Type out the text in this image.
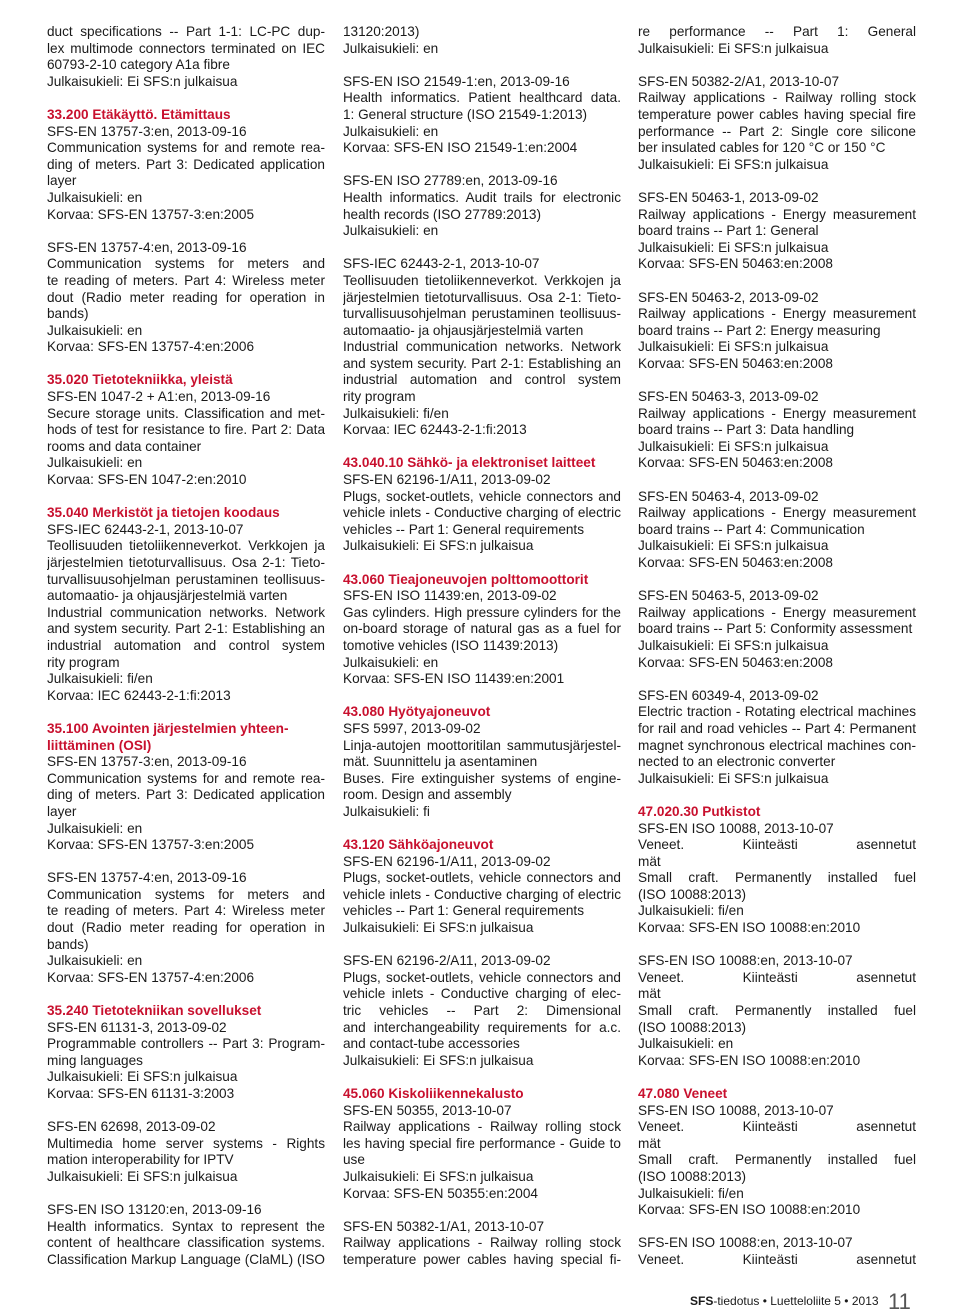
duct specifications -- Part 1-1: LC-PC dup-
lex multimode connectors terminated on IEC
60793-2-10 category A1a fibre
Julkaisukieli: Ei SFS:n julkaisua
33.200 Etäkäyttö. Etämittaus
SFS-EN 13757-3:en, 2013-09-16
Communication systems for and remote rea-
ding of meters. Part 3: Dedicated application
layer
Julkaisukieli: en
Korvaa: SFS-EN 13757-3:en:2005
SFS-EN 13757-4:en, 2013-09-16
Communication systems for meters and
te reading of meters. Part 4: Wireless meter
dout (Radio meter reading for operation in
bands)
Julkaisukieli: en
Korvaa: SFS-EN 13757-4:en:2006
35.020 Tietotekniikka, yleistä
SFS-EN 1047-2 + A1:en, 2013-09-16
Secure storage units. Classification and met-
hods of test for resistance to fire. Part 2: Data
rooms and data container
Julkaisukieli: en
Korvaa: SFS-EN 1047-2:en:2010
35.040 Merkistöt ja tietojen koodaus
SFS-IEC 62443-2-1, 2013-10-07
Teollisuuden tietoliikenneverkot. Verkkojen ja
järjestelmien tietoturvallisuus. Osa 2-1: Tieto-
turvallisuusohjelman perustaminen teollisuus-
automaatio- ja ohjausjärjestelmiä varten
Industrial communication networks. Network
and system security. Part 2-1: Establishing an
industrial automation and control system
rity program
Julkaisukieli: fi/en
Korvaa: IEC 62443-2-1:fi:2013
35.100 Avointen järjestelmien yhteen-
liittäminen (OSI)
SFS-EN 13757-3:en, 2013-09-16
Communication systems for and remote rea-
ding of meters. Part 3: Dedicated application
layer
Julkaisukieli: en
Korvaa: SFS-EN 13757-3:en:2005
SFS-EN 13757-4:en, 2013-09-16
Communication systems for meters and
te reading of meters. Part 4: Wireless meter
dout (Radio meter reading for operation in
bands)
Julkaisukieli: en
Korvaa: SFS-EN 13757-4:en:2006
35.240 Tietotekniikan sovellukset
SFS-EN 61131-3, 2013-09-02
Programmable controllers -- Part 3: Program-
ming languages
Julkaisukieli: Ei SFS:n julkaisua
Korvaa: SFS-EN 61131-3:2003
SFS-EN 62698, 2013-09-02
Multimedia home server systems - Rights
mation interoperability for IPTV
Julkaisukieli: Ei SFS:n julkaisua
SFS-EN ISO 13120:en, 2013-09-16
Health informatics. Syntax to represent the
content of healthcare classification systems.
Classification Markup Language (ClaML) (ISO
13120:2013)
Julkaisukieli: en
SFS-EN ISO 21549-1:en, 2013-09-16
Health informatics. Patient healthcard data.
1: General structure (ISO 21549-1:2013)
Julkaisukieli: en
Korvaa: SFS-EN ISO 21549-1:en:2004
SFS-EN ISO 27789:en, 2013-09-16
Health informatics. Audit trails for electronic
health records (ISO 27789:2013)
Julkaisukieli: en
SFS-IEC 62443-2-1, 2013-10-07
Teollisuuden tietoliikenneverkot. Verkkojen ja
järjestelmien tietoturvallisuus. Osa 2-1: Tieto-
turvallisuusohjelman perustaminen teollisuus-
automaatio- ja ohjausjärjestelmiä varten
Industrial communication networks. Network
and system security. Part 2-1: Establishing an
industrial automation and control system
rity program
Julkaisukieli: fi/en
Korvaa: IEC 62443-2-1:fi:2013
43.040.10 Sähkö- ja elektroniset laitteet
SFS-EN 62196-1/A11, 2013-09-02
Plugs, socket-outlets, vehicle connectors and
vehicle inlets - Conductive charging of electric
vehicles -- Part 1: General requirements
Julkaisukieli: Ei SFS:n julkaisua
43.060 Tieajoneuvojen polttomoottorit
SFS-EN ISO 11439:en, 2013-09-02
Gas cylinders. High pressure cylinders for the
on-board storage of natural gas as a fuel for
tomotive vehicles (ISO 11439:2013)
Julkaisukieli: en
Korvaa: SFS-EN ISO 11439:en:2001
43.080 Hyötyajoneuvot
SFS 5997, 2013-09-02
Linja-autojen moottoritilan sammutusjärjestel-
mät. Suunnittelu ja asentaminen
Buses. Fire extinguisher systems of engine-
room. Design and assembly
Julkaisukieli: fi
43.120 Sähköajoneuvot
SFS-EN 62196-1/A11, 2013-09-02
Plugs, socket-outlets, vehicle connectors and
vehicle inlets - Conductive charging of electric
vehicles -- Part 1: General requirements
Julkaisukieli: Ei SFS:n julkaisua
SFS-EN 62196-2/A11, 2013-09-02
Plugs, socket-outlets, vehicle connectors and
vehicle inlets - Conductive charging of elec-
tric vehicles -- Part 2: Dimensional
and interchangeability requirements for a.c.
and contact-tube accessories
Julkaisukieli: Ei SFS:n julkaisua
45.060 Kiskoliikennekalusto
SFS-EN 50355, 2013-10-07
Railway applications - Railway rolling stock
les having special fire performance - Guide to
use
Julkaisukieli: Ei SFS:n julkaisua
Korvaa: SFS-EN 50355:en:2004
SFS-EN 50382-1/A1, 2013-10-07
Railway applications - Railway rolling stock
temperature power cables having special fi-
re performance -- Part 1: General
Julkaisukieli: Ei SFS:n julkaisua
SFS-EN 50382-2/A1, 2013-10-07
Railway applications - Railway rolling stock
temperature power cables having special fire
performance -- Part 2: Single core silicone
ber insulated cables for 120 °C or 150 °C
Julkaisukieli: Ei SFS:n julkaisua
SFS-EN 50463-1, 2013-09-02
Railway applications - Energy measurement
board trains -- Part 1: General
Julkaisukieli: Ei SFS:n julkaisua
Korvaa: SFS-EN 50463:en:2008
SFS-EN 50463-2, 2013-09-02
Railway applications - Energy measurement
board trains -- Part 2: Energy measuring
Julkaisukieli: Ei SFS:n julkaisua
Korvaa: SFS-EN 50463:en:2008
SFS-EN 50463-3, 2013-09-02
Railway applications - Energy measurement
board trains -- Part 3: Data handling
Julkaisukieli: Ei SFS:n julkaisua
Korvaa: SFS-EN 50463:en:2008
SFS-EN 50463-4, 2013-09-02
Railway applications - Energy measurement
board trains -- Part 4: Communication
Julkaisukieli: Ei SFS:n julkaisua
Korvaa: SFS-EN 50463:en:2008
SFS-EN 50463-5, 2013-09-02
Railway applications - Energy measurement
board trains -- Part 5: Conformity assessment
Julkaisukieli: Ei SFS:n julkaisua
Korvaa: SFS-EN 50463:en:2008
SFS-EN 60349-4, 2013-09-02
Electric traction - Rotating electrical machines
for rail and road vehicles -- Part 4: Permanent
magnet synchronous electrical machines con-
nected to an electronic converter
Julkaisukieli: Ei SFS:n julkaisua
47.020.30 Putkistot
SFS-EN ISO 10088, 2013-10-07
Veneet. Kiinteästi asennetut
mät
Small craft. Permanently installed fuel
(ISO 10088:2013)
Julkaisukieli: fi/en
Korvaa: SFS-EN ISO 10088:en:2010
SFS-EN ISO 10088:en, 2013-10-07
Veneet. Kiinteästi asennetut
mät
Small craft. Permanently installed fuel
(ISO 10088:2013)
Julkaisukieli: en
Korvaa: SFS-EN ISO 10088:en:2010
47.080 Veneet
SFS-EN ISO 10088, 2013-10-07
Veneet. Kiinteästi asennetut
mät
Small craft. Permanently installed fuel
(ISO 10088:2013)
Julkaisukieli: fi/en
Korvaa: SFS-EN ISO 10088:en:2010
SFS-EN ISO 10088:en, 2013-10-07
Veneet. Kiinteästi asennetut
SFS-tiedotus • Luetteloliite 5 • 2013 11
